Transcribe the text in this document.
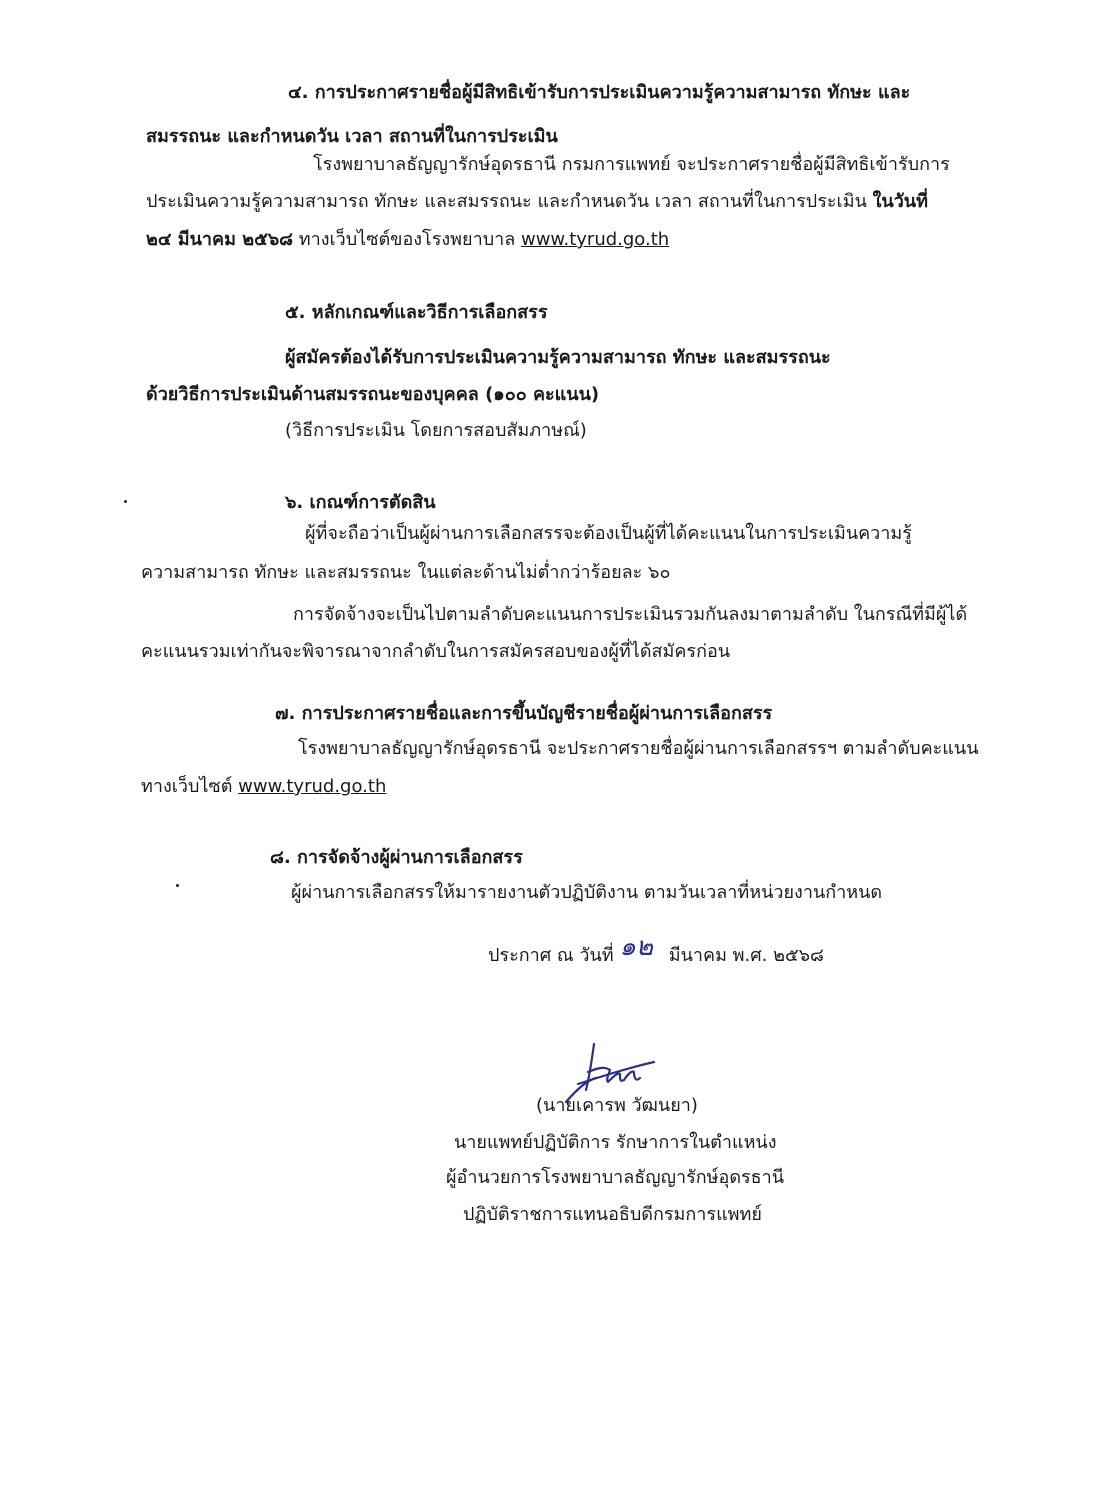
๔. การประกาศรายชื่อผู้มีสิทธิเข้ารับการประเมินความรู้ความสามารถ ทักษะ และ
สมรรถนะ และกำหนดวัน เวลา สถานที่ในการประเมิน
โรงพยาบาลธัญญารักษ์อุดรธานี กรมการแพทย์ จะประกาศรายชื่อผู้มีสิทธิเข้ารับการ
ประเมินความรู้ความสามารถ ทักษะ และสมรรถนะ และกำหนดวัน เวลา สถานที่ในการประเมิน ในวันที่
๒๔ มีนาคม ๒๕๖๘ ทางเว็บไซต์ของโรงพยาบาล www.tyrud.go.th
๕. หลักเกณฑ์และวิธีการเลือกสรร
ผู้สมัครต้องได้รับการประเมินความรู้ความสามารถ ทักษะ และสมรรถนะ
ด้วยวิธีการประเมินด้านสมรรถนะของบุคคล (๑๐๐ คะแนน)
(วิธีการประเมิน โดยการสอบสัมภาษณ์)
๖. เกณฑ์การตัดสิน
ผู้ที่จะถือว่าเป็นผู้ผ่านการเลือกสรรจะต้องเป็นผู้ที่ได้คะแนนในการประเมินความรู้
ความสามารถ ทักษะ และสมรรถนะ ในแต่ละด้านไม่ต่ำกว่าร้อยละ ๖๐
การจัดจ้างจะเป็นไปตามลำดับคะแนนการประเมินรวมกันลงมาตามลำดับ ในกรณีที่มีผู้ได้
คะแนนรวมเท่ากันจะพิจารณาจากลำดับในการสมัครสอบของผู้ที่ได้สมัครก่อน
๗. การประกาศรายชื่อและการขึ้นบัญชีรายชื่อผู้ผ่านการเลือกสรร
โรงพยาบาลธัญญารักษ์อุดรธานี จะประกาศรายชื่อผู้ผ่านการเลือกสรรฯ ตามลำดับคะแนน
ทางเว็บไซต์ www.tyrud.go.th
๘. การจัดจ้างผู้ผ่านการเลือกสรร
ผู้ผ่านการเลือกสรรให้มารายงานตัวปฏิบัติงาน ตามวันเวลาที่หน่วยงานกำหนด
ประกาศ ณ วันที่ ๑๒ มีนาคม พ.ศ. ๒๕๖๘
(นายเคารพ วัฒนยา)
นายแพทย์ปฏิบัติการ รักษาการในตำแหน่ง
ผู้อำนวยการโรงพยาบาลธัญญารักษ์อุดรธานี
ปฏิบัติราชการแทนอธิบดีกรมการแพทย์
